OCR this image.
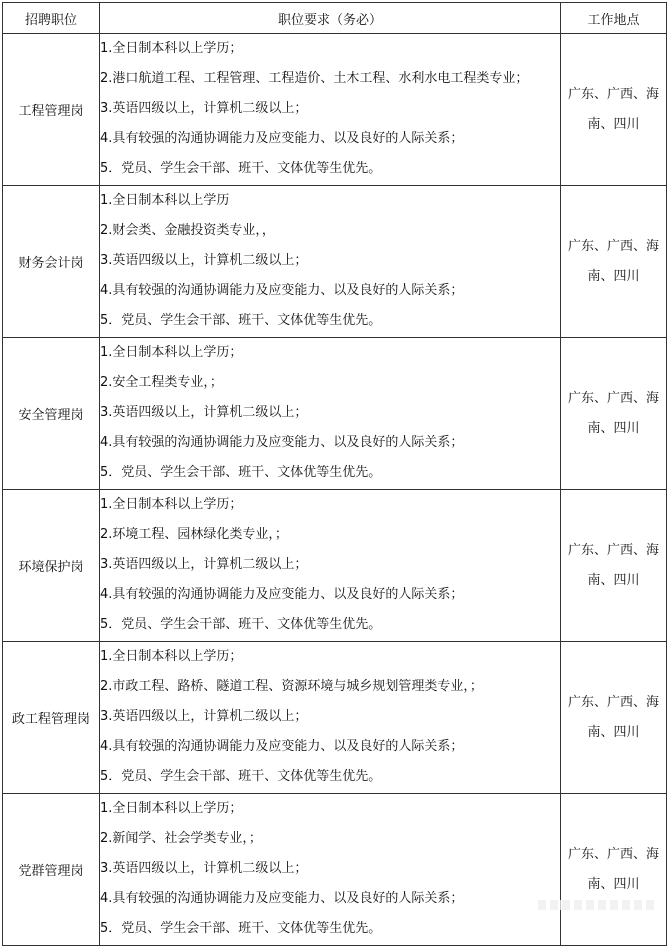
招聘职位	职位要求（务必）	工作地点
工程管理岗	1.全日制本科以上学历；
2.港口航道工程、工程管理、工程造价、土木工程、水利水电工程类专业；
3.英语四级以上，计算机二级以上；
4.具有较强的沟通协调能力及应变能力、以及良好的人际关系；
5．党员、学生会干部、班干、文体优等生优先。	广东、广西、海南、四川
财务会计岗	1.全日制本科以上学历
2.财会类、金融投资类专业，，
3.英语四级以上，计算机二级以上；
4.具有较强的沟通协调能力及应变能力、以及良好的人际关系；
5．党员、学生会干部、班干、文体优等生优先。	广东、广西、海南、四川
安全管理岗	1.全日制本科以上学历；
2.安全工程类专业，；
3.英语四级以上，计算机二级以上；
4.具有较强的沟通协调能力及应变能力、以及良好的人际关系；
5．党员、学生会干部、班干、文体优等生优先。	广东、广西、海南、四川
环境保护岗	1.全日制本科以上学历；
2.环境工程、园林绿化类专业，；
3.英语四级以上，计算机二级以上；
4.具有较强的沟通协调能力及应变能力、以及良好的人际关系；
5．党员、学生会干部、班干、文体优等生优先。	广东、广西、海南、四川
政工程管理岗	1.全日制本科以上学历；
2.市政工程、路桥、隧道工程、资源环境与城乡规划管理类专业，；
3.英语四级以上，计算机二级以上；
4.具有较强的沟通协调能力及应变能力、以及良好的人际关系；
5．党员、学生会干部、班干、文体优等生优先。	广东、广西、海南、四川
党群管理岗	1.全日制本科以上学历；
2.新闻学、社会学类专业，；
3.英语四级以上，计算机二级以上；
4.具有较强的沟通协调能力及应变能力、以及良好的人际关系；
5．党员、学生会干部、班干、文体优等生优先。	广东、广西、海南、四川
